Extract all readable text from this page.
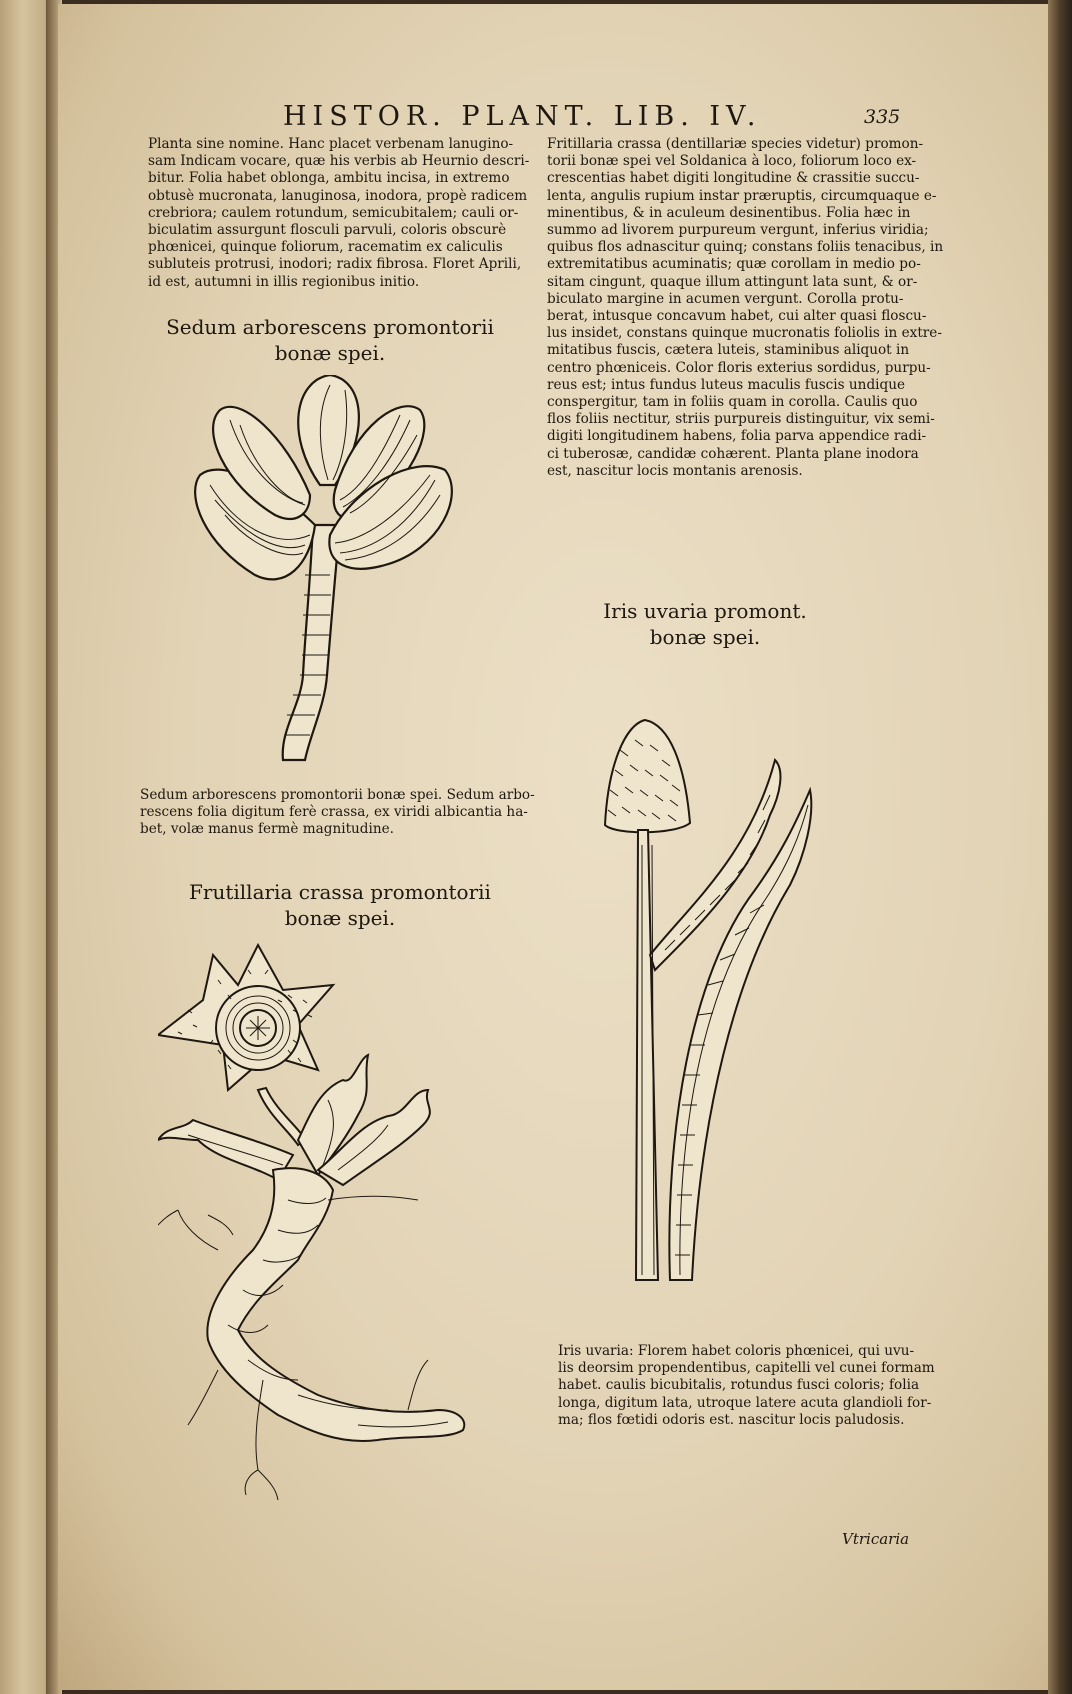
HISTOR. PLANT. LIB. IV.	335
Planta sine nomine. Hanc placet verbenam lanugino-
sam Indicam vocare, quæ his verbis ab Heurnio descri-
bitur. Folia habet oblonga, ambitu incisa, in extremo
obtusè mucronata, lanuginosa, inodora, propè radicem
crebriora; caulem rotundum, semicubitalem; cauli or-
biculatim assurgunt flosculi parvuli, coloris obscurè
phœnicei, quinque foliorum, racematim ex caliculis
subluteis protrusi, inodori; radix fibrosa. Floret Aprili,
id est, autumni in illis regionibus initio.
Fritillaria crassa (dentillariæ species videtur) promon-
torii bonæ spei vel Soldanica à loco, foliorum loco ex-
crescentias habet digiti longitudine & crassitie succu-
lenta, angulis rupium instar præruptis, circumquaque e-
minentibus, & in aculeum desinentibus. Folia hæc in
summo ad livorem purpureum vergunt, inferius viridia;
quibus flos adnascitur quinq; constans foliis tenacibus, in
extremitatibus acuminatis; quæ corollam in medio po-
sitam cingunt, quaque illum attingunt lata sunt, & or-
biculato margine in acumen vergunt. Corolla protu-
berat, intusque concavum habet, cui alter quasi floscu-
lus insidet, constans quinque mucronatis foliolis in extre-
mitatibus fuscis, cætera luteis, staminibus aliquot in
centro phœniceis. Color floris exterius sordidus, purpu-
reus est; intus fundus luteus maculis fuscis undique
conspergitur, tam in foliis quam in corolla. Caulis quo
flos foliis nectitur, striis purpureis distinguitur, vix semi-
digiti longitudinem habens, folia parva appendice radi-
ci tuberosæ, candidæ cohærent. Planta plane inodora
est, nascitur locis montanis arenosis.
Sedum arborescens promontorii
bonæ spei.
Sedum arborescens promontorii bonæ spei. Sedum arbo-
rescens folia digitum ferè crassa, ex viridi albicantia ha-
bet, volæ manus fermè magnitudine.
Frutillaria crassa promontorii
bonæ spei.
Iris uvaria promont.
bonæ spei.
Iris uvaria: Florem habet coloris phœnicei, qui uvu-
lis deorsim propendentibus, capitelli vel cunei formam
habet. caulis bicubitalis, rotundus fusci coloris; folia
longa, digitum lata, utroque latere acuta glandioli for-
ma; flos fœtidi odoris est. nascitur locis paludosis.
Vtricaria
